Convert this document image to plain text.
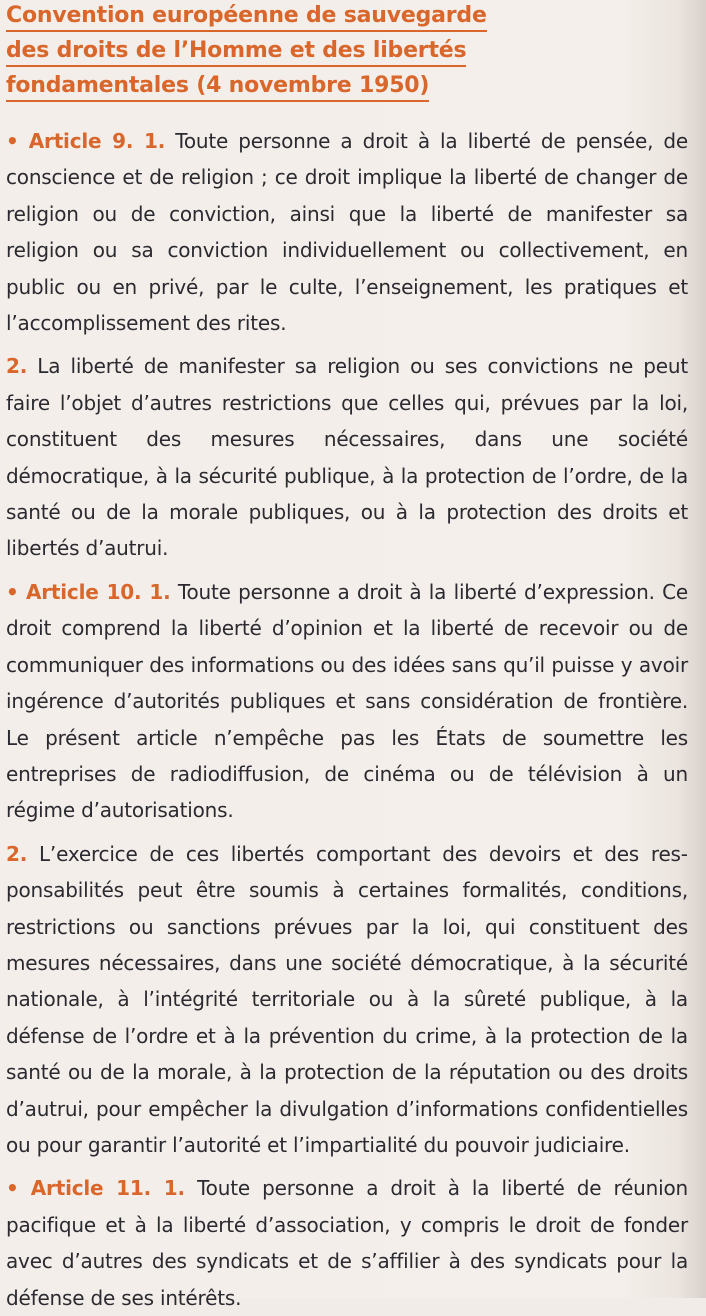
Convention européenne de sauvegarde
des droits de l’Homme et des libertés
fondamentales (4 novembre 1950)

• Article 9. 1. Toute personne a droit à la liberté de pensée, de conscience et de religion ; ce droit implique la liberté de changer de religion ou de conviction, ainsi que la liberté de manifester sa religion ou sa conviction individuellement ou collectivement, en public ou en privé, par le culte, l’enseignement, les pratiques et l’accomplissement des rites.

2. La liberté de manifester sa religion ou ses convictions ne peut faire l’objet d’autres restrictions que celles qui, prévues par la loi, constituent des mesures nécessaires, dans une société démocratique, à la sécurité publique, à la protection de l’ordre, de la santé ou de la morale publiques, ou à la protection des droits et libertés d’autrui.

• Article 10. 1. Toute personne a droit à la liberté d’expression. Ce droit comprend la liberté d’opinion et la liberté de recevoir ou de communiquer des informations ou des idées sans qu’il puisse y avoir ingérence d’autorités publiques et sans considération de frontière. Le présent article n’empêche pas les États de soumettre les entreprises de radiodiffusion, de cinéma ou de télévision à un régime d’autorisations.

2. L’exercice de ces libertés comportant des devoirs et des responsabilités peut être soumis à certaines formalités, conditions, restrictions ou sanctions prévues par la loi, qui constituent des mesures nécessaires, dans une société démocratique, à la sécurité nationale, à l’intégrité territoriale ou à la sûreté publique, à la défense de l’ordre et à la prévention du crime, à la protection de la santé ou de la morale, à la protection de la réputation ou des droits d’autrui, pour empêcher la divulgation d’informations confidentielles ou pour garantir l’autorité et l’impartialité du pouvoir judiciaire.

• Article 11. 1. Toute personne a droit à la liberté de réunion pacifique et à la liberté d’association, y compris le droit de fonder avec d’autres des syndicats et de s’affilier à des syndicats pour la défense de ses intérêts.
